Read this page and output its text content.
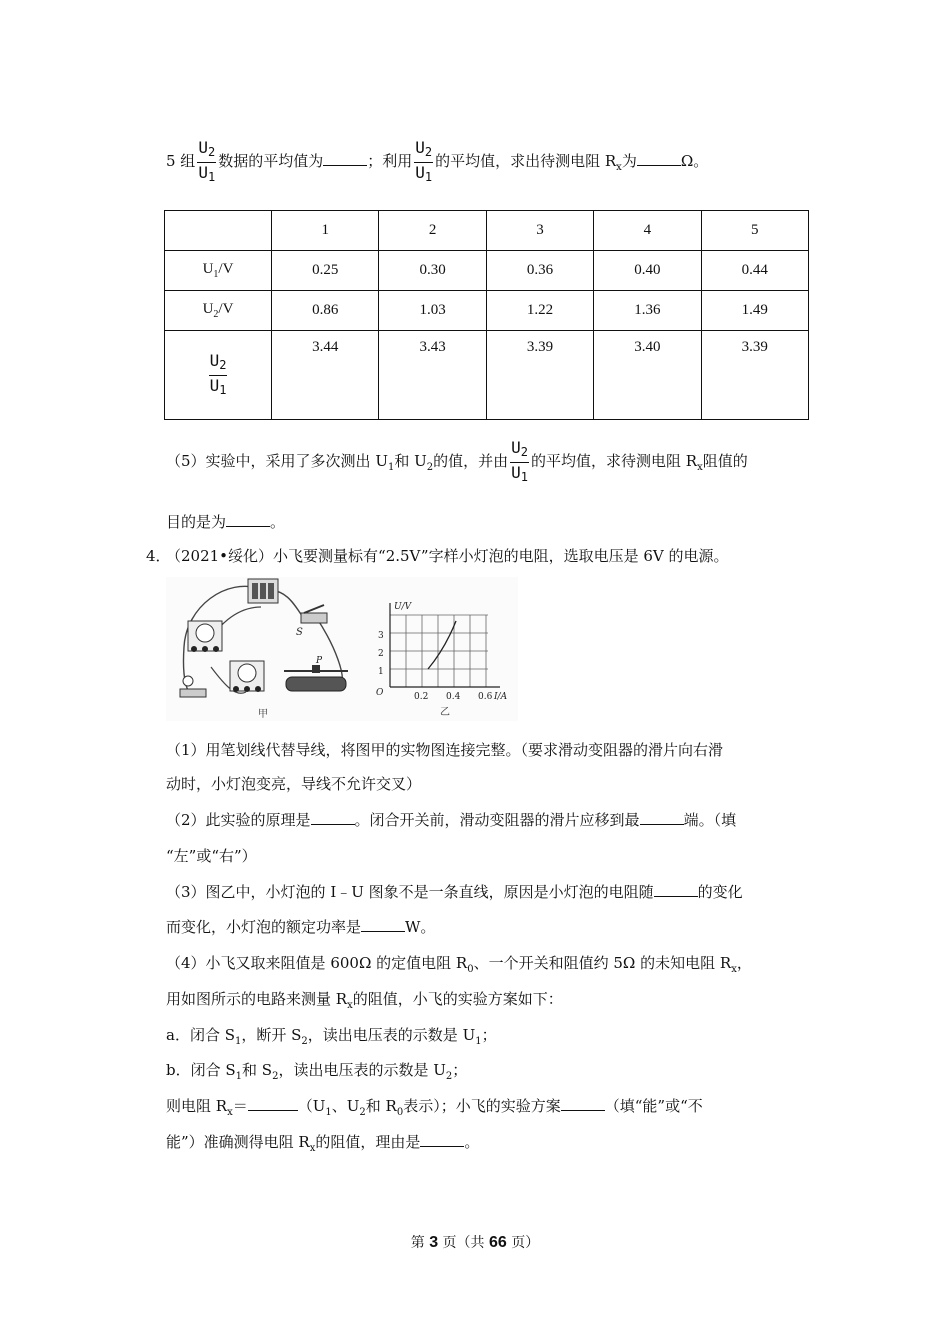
5 组 $\frac{U_2}{U_1}$ 数据的平均值为	；利用 $\frac{U_2}{U_1}$ 的平均值，求出待测电阻 $R_x$为	Ω。
	1	2	3	4	5
$U_1/V$	0.25	0.30	0.36	0.40	0.44
$U_2/V$	0.86	1.03	1.22	1.36	1.49

$\frac{U_2}{U_1}$	3.44	3.43	3.39	3.40	3.39
（5）实验中，采用了多次测出 $U_1$和 $U_2$的值，并由 $\frac{U_2}{U_1}$ 的平均值，求待测电阻 $R_x$阻值的
目的是为	。
4．
（2021•绥化）小飞要测量标有“2.5V”字样小灯泡的电阻，选取电压是 6V 的电源。
S
P
甲
U/V
1
2
3
O	0.2 0.4 0.6 I/A
乙
（1）用笔划线代替导线，将图甲的实物图连接完整。（要求滑动变阻器的滑片向右滑
动时，小灯泡变亮，导线不允许交叉）
（2）此实验的原理是	。闭合开关前，滑动变阻器的滑片应移到最	端。（填
“左”或“右”）
（3）图乙中，小灯泡的 I﹣U 图象不是一条直线，原因是小灯泡的电阻随	的变化
而变化，小灯泡的额定功率是	W。
（4）小飞又取来阻值是 600Ω 的定值电阻 $R_0$、一个开关和阻值约 5Ω 的未知电阻 $R_x$，
用如图所示的电路来测量 $R_x$的阻值，小飞的实验方案如下：
a．闭合 $S_1$，断开 $S_2$，读出电压表的示数是 $U_1$；
b．闭合 $S_1$和 $S_2$，读出电压表的示数是 $U_2$；
则电阻 $R_x=$	（$U_1$、$U_2$和 $R_0$表示）；小飞的实验方案	（填“能”或“不
能”）准确测得电阻 $R_x$的阻值，理由是	。
第 3 页（共 66 页）
